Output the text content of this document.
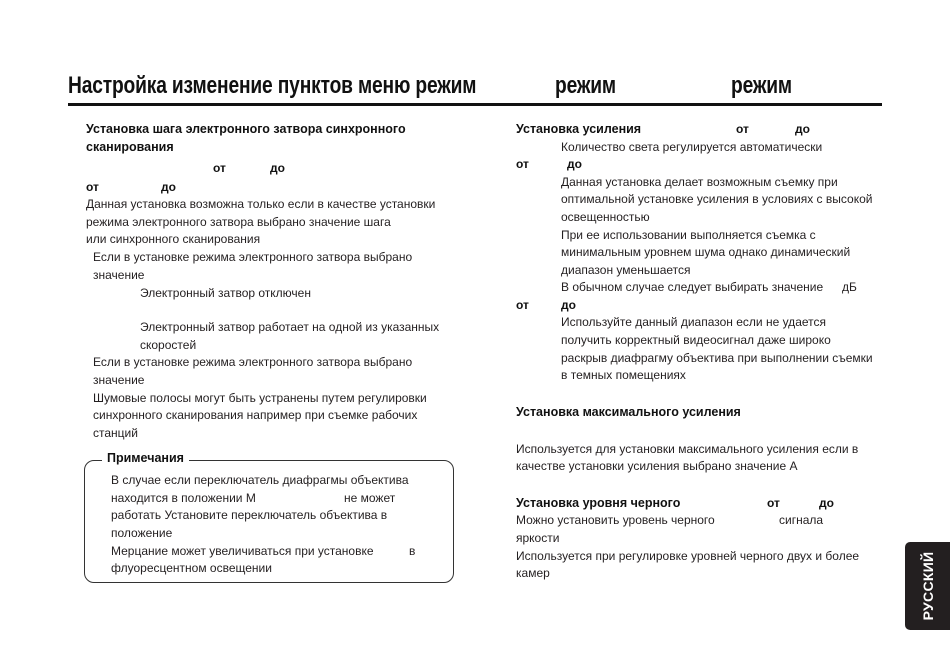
Настройка изменение пунктов меню режим	режим	режим
Установка шага электронного затвора синхронного
сканирования
от	до
от	до
Данная установка возможна только если в качестве установки
режима электронного затвора выбрано значение шага
или синхронного сканирования
Если в установке режима электронного затвора выбрано
значение
Электронный затвор отключен
Электронный затвор работает на одной из указанных
скоростей
Если в установке режима электронного затвора выбрано
значение
Шумовые полосы могут быть устранены путем регулировки
синхронного сканирования например при съемке рабочих
станций
Примечания
В случае если переключатель диафрагмы объектива
находится в положении M	не может
работать Установите переключатель объектива в
положение
Мерцание может увеличиваться при установке	в
флуоресцентном освещении
Установка усиления	от	до
Количество света регулируется автоматически
от	до
Данная установка делает возможным съемку при
оптимальной установке усиления в условиях с высокой
освещенностью
При ее использовании выполняется съемка с
минимальным уровнем шума однако динамический
диапазон уменьшается
В обычном случае следует выбирать значение дБ
от	до
Используйте данный диапазон если не удается
получить корректный видеосигнал даже широко
раскрыв диафрагму объектива при выполнении съемки
в темных помещениях
Установка максимального усиления
Используется для установки максимального усиления если в
качестве установки усиления выбрано значение A
Установка уровня черного	от	до
Можно установить уровень черного	сигнала
яркости
Используется при регулировке уровней черного двух и более
камер	РУССКИЙ
